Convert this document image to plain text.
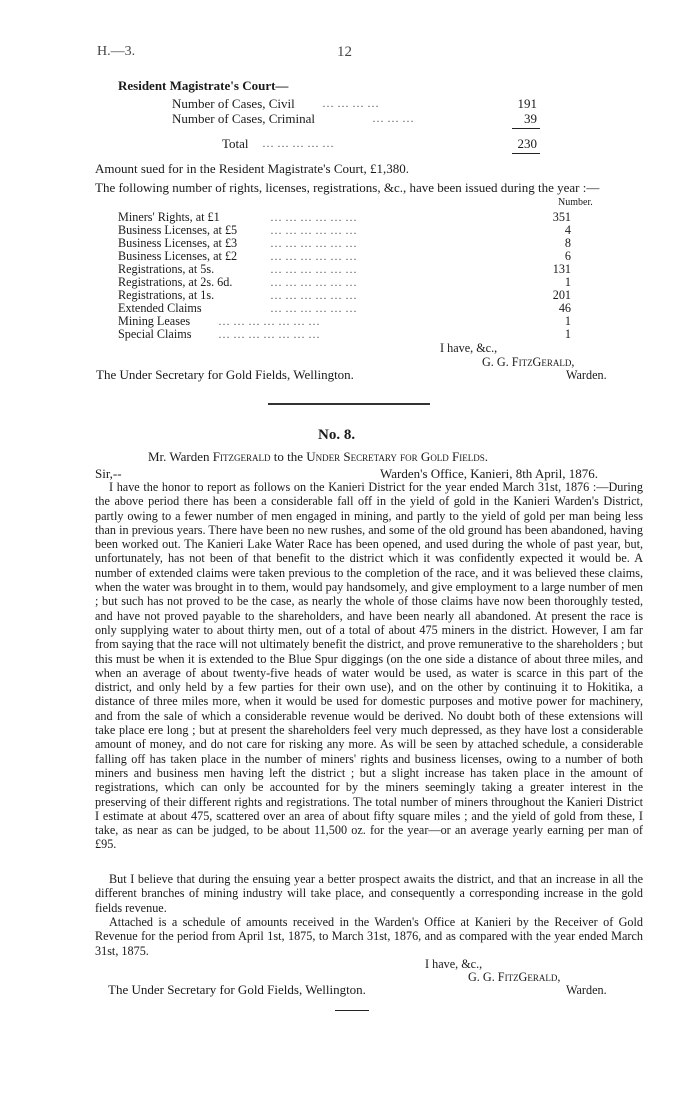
H.—3.	12
Resident Magistrate's Court—
Number of Cases, Civil … … … …	191
Number of Cases, Criminal	… … …	39
Total … … … … …	230
Amount sued for in the Resident Magistrate's Court, £1,380.
The following number of rights, licenses, registrations, &c., have been issued during the year :—
Number.
Miners' Rights, at £1	… … … … … …	351
Business Licenses, at £5	… … … … … …	4
Business Licenses, at £3	… … … … … …	8
Business Licenses, at £2	… … … … … …	6
Registrations, at 5s.	… … … … … …	131
Registrations, at 2s. 6d.	… … … … … …	1
Registrations, at 1s.	… … … … … …	201
Extended Claims	… … … … … …	46
Mining Leases … … … … … … …	1
Special Claims … … … … … … …	1
I have, &c.,
G. G. FitzGerald,
The Under Secretary for Gold Fields, Wellington.	Warden.
No. 8.
Mr. Warden Fitzgerald to the Under Secretary for Gold Fields.
Sir,--	Warden's Office, Kanieri, 8th April, 1876.
I have the honor to report as follows on the Kanieri District for the year ended March 31st, 1876 :—During the above period there has been a considerable fall off in the yield of gold in the Kanieri Warden's District, partly owing to a fewer number of men engaged in mining, and partly to the yield of gold per man being less than in previous years. There have been no new rushes, and some of the old ground has been abandoned, having been worked out. The Kanieri Lake Water Race has been opened, and used during the whole of past year, but, unfortunately, has not been of that benefit to the district which it was confidently expected it would be. A number of extended claims were taken previous to the completion of the race, and it was believed these claims, when the water was brought in to them, would pay handsomely, and give employment to a large number of men ; but such has not proved to be the case, as nearly the whole of those claims have now been thoroughly tested, and have not proved payable to the shareholders, and have been nearly all abandoned. At present the race is only supplying water to about thirty men, out of a total of about 475 miners in the district. However, I am far from saying that the race will not ultimately benefit the district, and prove remunerative to the shareholders ; but this must be when it is extended to the Blue Spur diggings (on the one side a distance of about three miles, and when an average of about twenty-five heads of water would be used, as water is scarce in this part of the district, and only held by a few parties for their own use), and on the other by continuing it to Hokitika, a distance of three miles more, when it would be used for domestic purposes and motive power for machinery, and from the sale of which a considerable revenue would be derived. No doubt both of these extensions will take place ere long ; but at present the shareholders feel very much depressed, as they have lost a considerable amount of money, and do not care for risking any more. As will be seen by attached schedule, a considerable falling off has taken place in the number of miners' rights and business licenses, owing to a number of both miners and business men having left the district ; but a slight increase has taken place in the amount of registrations, which can only be accounted for by the miners seemingly taking a greater interest in the preserving of their different rights and registrations. The total number of miners throughout the Kanieri District I estimate at about 475, scattered over an area of about fifty square miles ; and the yield of gold from these, I take, as near as can be judged, to be about 11,500 oz. for the year—or an average yearly earning per man of £95.
But I believe that during the ensuing year a better prospect awaits the district, and that an increase in all the different branches of mining industry will take place, and consequently a corresponding increase in the gold fields revenue.
Attached is a schedule of amounts received in the Warden's Office at Kanieri by the Receiver of Gold Revenue for the period from April 1st, 1875, to March 31st, 1876, and as compared with the year ended March 31st, 1875.
I have, &c.,
G. G. FitzGerald,
The Under Secretary for Gold Fields, Wellington.	Warden.
